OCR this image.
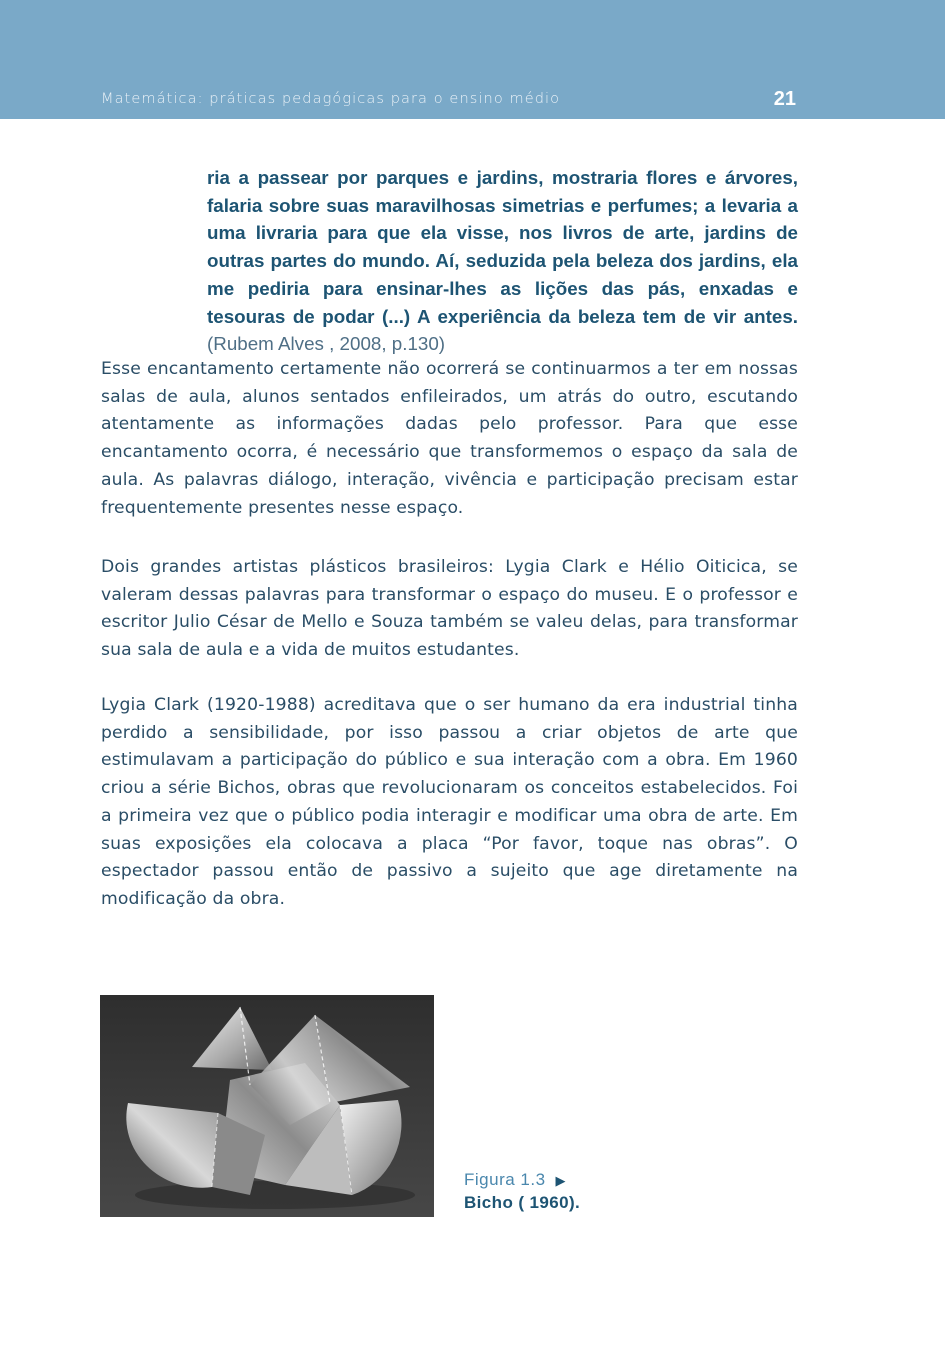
Matemática: práticas pedagógicas para o ensino médio	21
ria a passear por parques e jardins, mostraria flores e árvores, falaria sobre suas maravilhosas simetrias e perfumes; a levaria a uma livraria para que ela visse, nos livros de arte, jardins de outras partes do mundo. Aí, seduzida pela beleza dos jardins, ela me pediria para ensinar-lhes as lições das pás, enxadas e tesouras de podar (...) A experiência da beleza tem de vir antes. (Rubem Alves , 2008, p.130)
Esse encantamento certamente não ocorrerá se continuarmos a ter em nossas salas de aula, alunos sentados enfileirados, um atrás do outro, escutando atentamente as informações dadas pelo professor. Para que esse encantamento ocorra, é necessário que transformemos o espaço da sala de aula. As palavras diálogo, interação, vivência e participação precisam estar frequentemente presentes nesse espaço.
Dois grandes artistas plásticos brasileiros: Lygia Clark e Hélio Oiticica, se valeram dessas palavras para transformar o espaço do museu. E o professor e escritor Julio César de Mello e Souza também se valeu delas, para transformar sua sala de aula e a vida de muitos estudantes.
Lygia Clark (1920-1988) acreditava que o ser humano da era industrial tinha perdido a sensibilidade, por isso passou a criar objetos de arte que estimulavam a participação do público e sua interação com a obra. Em 1960 criou a série Bichos, obras que revolucionaram os conceitos estabelecidos. Foi a primeira vez que o público podia interagir e modificar uma obra de arte. Em suas exposições ela colocava a placa “Por favor, toque nas obras”. O espectador passou então de passivo a sujeito que age diretamente na modificação da obra.
Figura 1.3 ▶
Bicho ( 1960).
